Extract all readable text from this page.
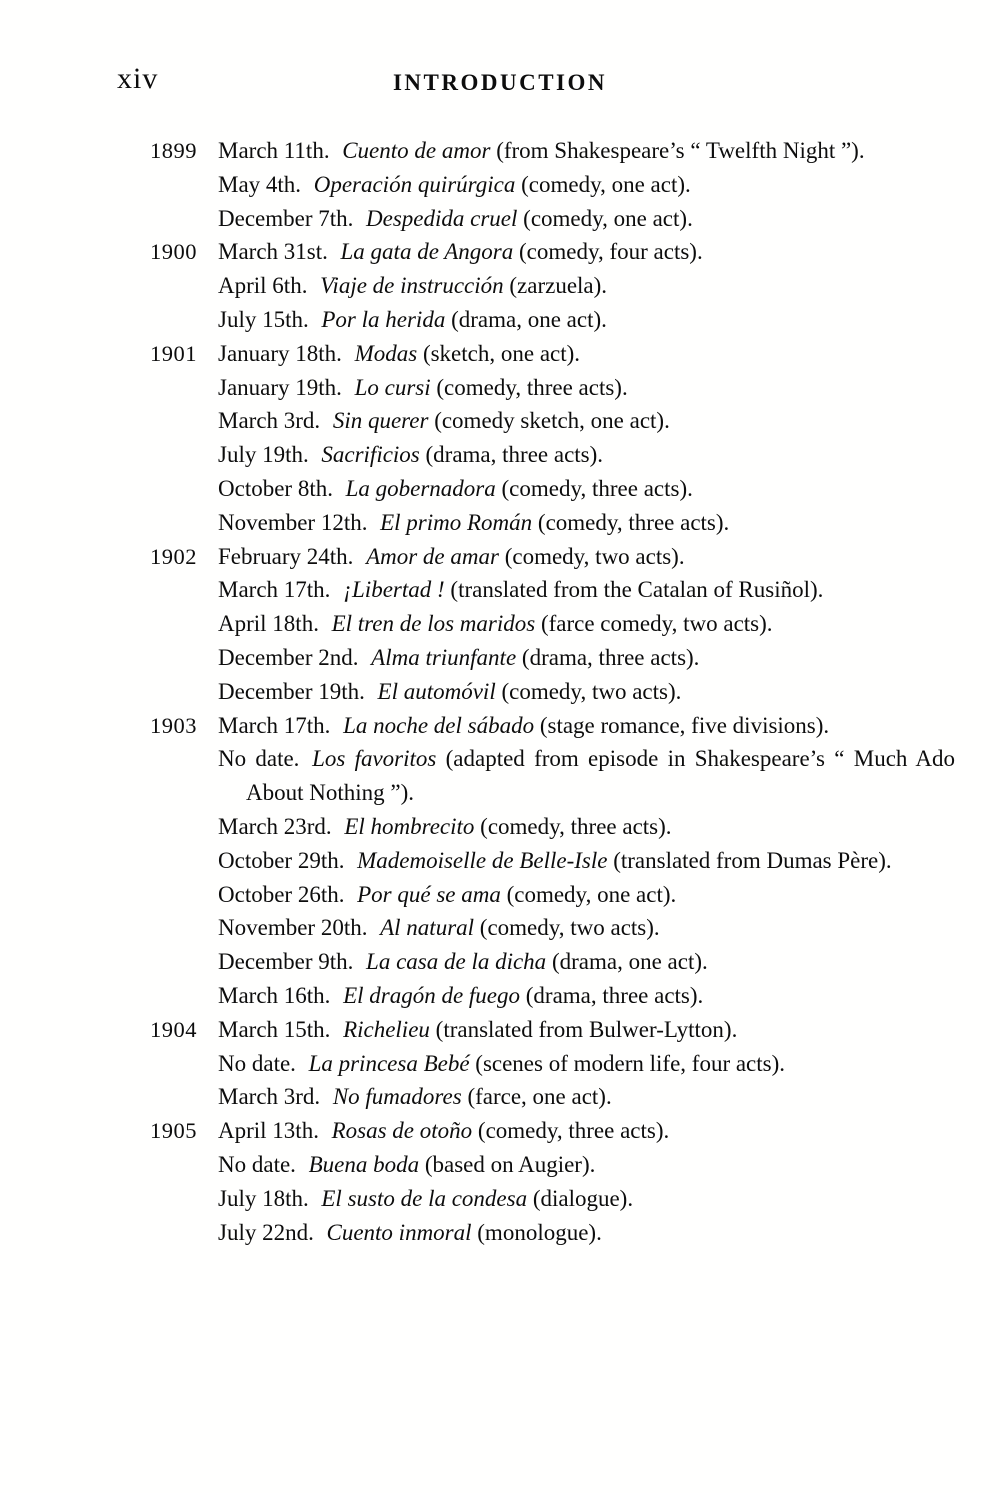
xiv	INTRODUCTION
1899 March 11th. Cuento de amor (from Shakespeare’s “ Twelfth Night ”).

May 4th. Operación quirúrgica (comedy, one act).

December 7th. Despedida cruel (comedy, one act).

1900 March 31st. La gata de Angora (comedy, four acts).

April 6th. Viaje de instrucción (zarzuela).

July 15th. Por la herida (drama, one act).

1901 January 18th. Modas (sketch, one act).

January 19th. Lo cursi (comedy, three acts).

March 3rd. Sin querer (comedy sketch, one act).

July 19th. Sacrificios (drama, three acts).

October 8th. La gobernadora (comedy, three acts).

November 12th. El primo Román (comedy, three acts).

1902 February 24th. Amor de amar (comedy, two acts).

March 17th. ¡Libertad ! (translated from the Catalan of Rusiñol).

April 18th. El tren de los maridos (farce comedy, two acts).

December 2nd. Alma triunfante (drama, three acts).

December 19th. El automóvil (comedy, two acts).

1903 March 17th. La noche del sábado (stage romance, five divisions).

No date. Los favoritos (adapted from episode in Shakespeare’s “ Much Ado About Nothing ”).

March 23rd. El hombrecito (comedy, three acts).

October 29th. Mademoiselle de Belle-Isle (translated from Dumas Père).

October 26th. Por qué se ama (comedy, one act).

November 20th. Al natural (comedy, two acts).

December 9th. La casa de la dicha (drama, one act).

March 16th. El dragón de fuego (drama, three acts).

1904 March 15th. Richelieu (translated from Bulwer-Lytton).

No date. La princesa Bebé (scenes of modern life, four acts).

March 3rd. No fumadores (farce, one act).

1905 April 13th. Rosas de otoño (comedy, three acts).

No date. Buena boda (based on Augier).

July 18th. El susto de la condesa (dialogue).

July 22nd. Cuento inmoral (monologue).
